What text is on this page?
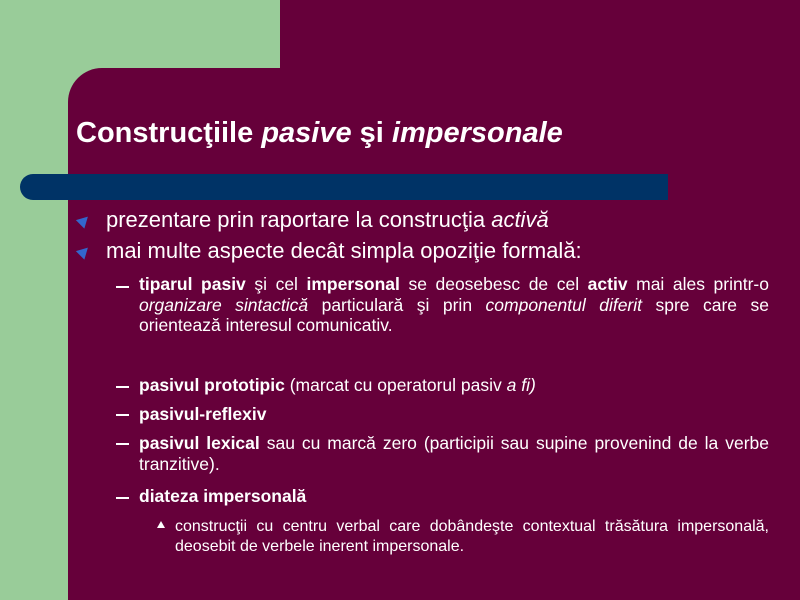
Construcţiile pasive şi impersonale
prezentare prin raportare la construcţia activă
mai multe aspecte decât simpla opoziţie formală:
tiparul pasiv şi cel impersonal se deosebesc de cel activ mai ales printr-o organizare sintactică particulară şi prin componentul diferit spre care se orientează interesul comunicativ.
pasivul prototipic (marcat cu operatorul pasiv a fi)
pasivul-reflexiv
pasivul lexical sau cu marcă zero (participii sau supine provenind de la verbe tranzitive).
diateza impersonală
construcţii cu centru verbal care dobândeşte contextual trăsătura impersonală, deosebit de verbele inerent impersonale.
